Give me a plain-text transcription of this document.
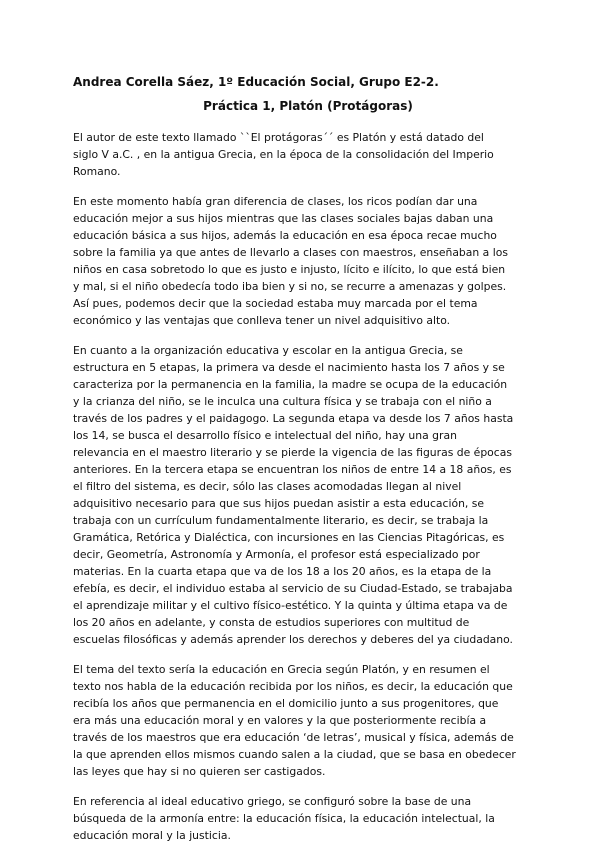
Andrea Corella Sáez, 1º Educación Social, Grupo E2-2.
Práctica 1, Platón (Protágoras)
El autor de este texto llamado ``El protágoras´´ es Platón y está datado del
siglo V a.C. , en la antigua Grecia, en la época de la consolidación del Imperio
Romano.
En este momento había gran diferencia de clases, los ricos podían dar una
educación mejor a sus hijos mientras que las clases sociales bajas daban una
educación básica a sus hijos, además la educación en esa época recae mucho
sobre la familia ya que antes de llevarlo a clases con maestros, enseñaban a los
niños en casa sobretodo lo que es justo e injusto, lícito e ilícito, lo que está bien
y mal, si el niño obedecía todo iba bien y si no, se recurre a amenazas y golpes.
Así pues, podemos decir que la sociedad estaba muy marcada por el tema
económico y las ventajas que conlleva tener un nivel adquisitivo alto.
En cuanto a la organización educativa y escolar en la antigua Grecia, se
estructura en 5 etapas, la primera va desde el nacimiento hasta los 7 años y se
caracteriza por la permanencia en la familia, la madre se ocupa de la educación
y la crianza del niño, se le inculca una cultura física y se trabaja con el niño a
través de los padres y el paidagogo. La segunda etapa va desde los 7 años hasta
los 14, se busca el desarrollo físico e intelectual del niño, hay una gran
relevancia en el maestro literario y se pierde la vigencia de las figuras de épocas
anteriores. En la tercera etapa se encuentran los niños de entre 14 a 18 años, es
el filtro del sistema, es decir, sólo las clases acomodadas llegan al nivel
adquisitivo necesario para que sus hijos puedan asistir a esta educación, se
trabaja con un currículum fundamentalmente literario, es decir, se trabaja la
Gramática, Retórica y Dialéctica, con incursiones en las Ciencias Pitagóricas, es
decir, Geometría, Astronomía y Armonía, el profesor está especializado por
materias. En la cuarta etapa que va de los 18 a los 20 años, es la etapa de la
efebía, es decir, el individuo estaba al servicio de su Ciudad-Estado, se trabajaba
el aprendizaje militar y el cultivo físico-estético. Y la quinta y última etapa va de
los 20 años en adelante, y consta de estudios superiores con multitud de
escuelas filosóficas y además aprender los derechos y deberes del ya ciudadano.
El tema del texto sería la educación en Grecia según Platón, y en resumen el
texto nos habla de la educación recibida por los niños, es decir, la educación que
recibía los años que permanencia en el domicilio junto a sus progenitores, que
era más una educación moral y en valores y la que posteriormente recibía a
través de los maestros que era educación ‘de letras’, musical y física, además de
la que aprenden ellos mismos cuando salen a la ciudad, que se basa en obedecer
las leyes que hay si no quieren ser castigados.
En referencia al ideal educativo griego, se configuró sobre la base de una
búsqueda de la armonía entre: la educación física, la educación intelectual, la
educación moral y la justicia.
